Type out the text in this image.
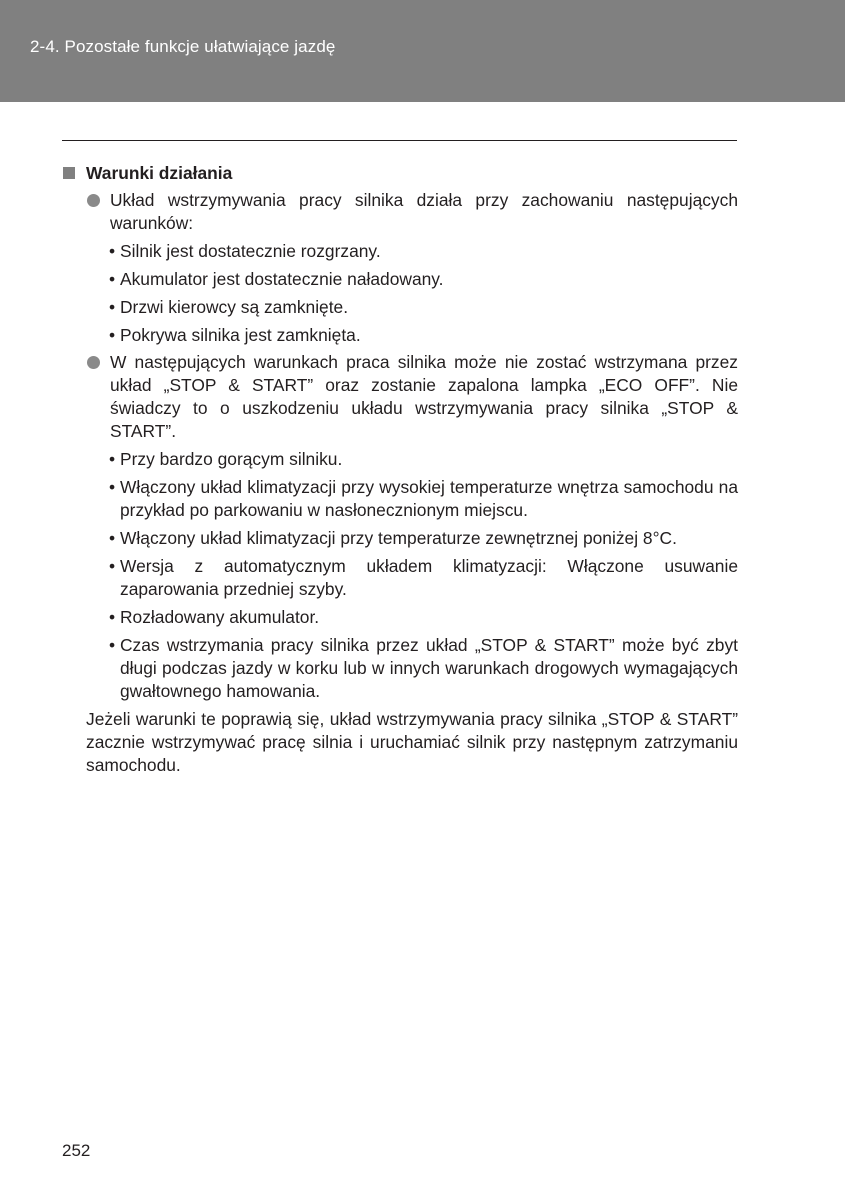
2-4. Pozostałe funkcje ułatwiające jazdę
Warunki działania
Układ wstrzymywania pracy silnika działa przy zachowaniu następujących warunków:
• Silnik jest dostatecznie rozgrzany.
• Akumulator jest dostatecznie naładowany.
• Drzwi kierowcy są zamknięte.
• Pokrywa silnika jest zamknięta.
W następujących warunkach praca silnika może nie zostać wstrzymana przez układ „STOP & START” oraz zostanie zapalona lampka „ECO OFF”. Nie świadczy to o uszkodzeniu układu wstrzymywania pracy silnika „STOP & START”.
• Przy bardzo gorącym silniku.
• Włączony układ klimatyzacji przy wysokiej temperaturze wnętrza samochodu na przykład po parkowaniu w nasłonecznionym miejscu.
• Włączony układ klimatyzacji przy temperaturze zewnętrznej poniżej 8°C.
• Wersja z automatycznym układem klimatyzacji: Włączone usuwanie zaparowania przedniej szyby.
• Rozładowany akumulator.
• Czas wstrzymania pracy silnika przez układ „STOP & START” może być zbyt długi podczas jazdy w korku lub w innych warunkach drogowych wymagających gwałtownego hamowania.
Jeżeli warunki te poprawią się, układ wstrzymywania pracy silnika „STOP & START” zacznie wstrzymywać pracę silnia i uruchamiać silnik przy następnym zatrzymaniu samochodu.
252
